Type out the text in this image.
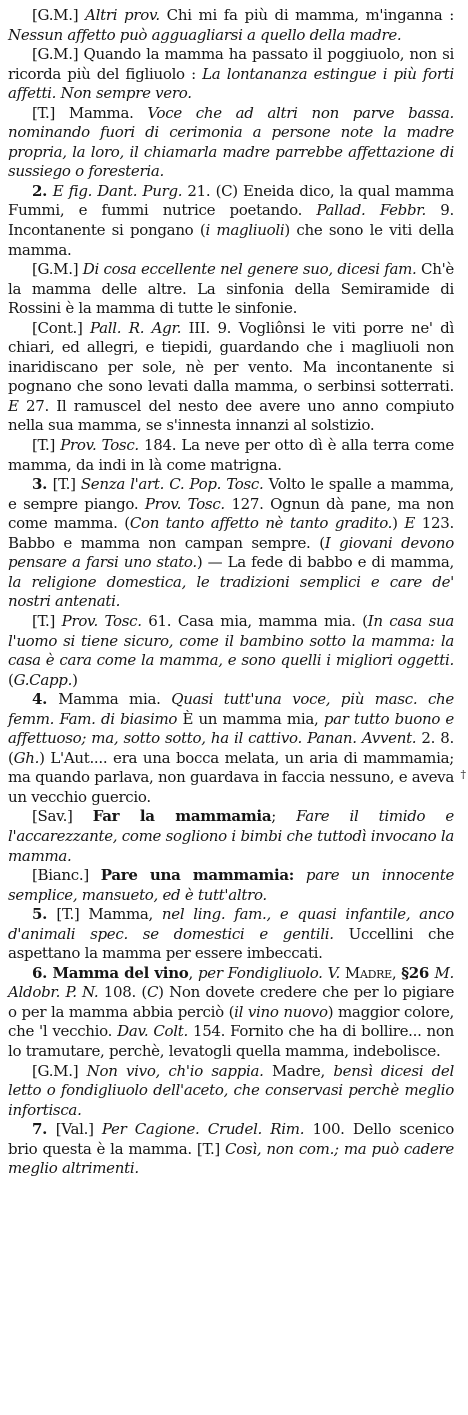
[G.M.] Altri prov. Chi mi fa più di mamma, m'inganna : Nessun affetto può agguagliarsi a quello della madre.

[G.M.] Quando la mamma ha passato il poggiuolo, non si ricorda più del figliuolo : La lontananza estingue i più forti affetti. Non sempre vero.

[T.] Mamma. Voce che ad altri non parve bassa. nominando fuori di cerimonia a persone note la madre propria, la loro, il chiamarla madre parrebbe affettazione di sussiego o foresteria.

2. E fig. Dant. Purg. 21. (C) Eneida dico, la qual mamma Fummi, e fummi nutrice poetando. Pallad. Febbr. 9. Incontanente si pongano (i magliuoli) che sono le viti della mamma.

[G.M.] Di cosa eccellente nel genere suo, dicesi fam. Ch'è la mamma delle altre. La sinfonia della Semiramide di Rossini è la mamma di tutte le sinfonie.

[Cont.] Pall. R. Agr. III. 9. Vogliônsi le viti porre ne' dì chiari, ed allegri, e tiepidi, guardando che i magliuoli non inaridiscano per sole, nè per vento. Ma incontanente si pognano che sono levati dalla mamma, o serbinsi sotterrati. E 27. Il ramuscel del nesto dee avere uno anno compiuto nella sua mamma, se s'innesta innanzi al solstizio.

[T.] Prov. Tosc. 184. La neve per otto dì è alla terra come mamma, da indi in là come matrigna.

3. [T.] Senza l'art. C. Pop. Tosc. Volto le spalle a mamma, e sempre piango. Prov. Tosc. 127. Ognun dà pane, ma non come mamma. (Con tanto affetto nè tanto gradito.) E 123. Babbo e mamma non campan sempre. (I giovani devono pensare a farsi uno stato.) — La fede di babbo e di mamma, la religione domestica, le tradizioni semplici e care de' nostri antenati.

[T.] Prov. Tosc. 61. Casa mia, mamma mia. (In casa sua l'uomo si tiene sicuro, come il bambino sotto la mamma: la casa è cara come la mamma, e sono quelli i migliori oggetti. (G.Capp.)

4. Mamma mia. Quasi tutt'una voce, più masc. che femm. Fam. di biasimo È un mamma mia, par tutto buono e affettuoso; ma, sotto sotto, ha il cattivo. Panan. Avvent. 2. 8. (Gh.) L'Aut.... era una bocca melata, un aria di mammamia; ma quando parlava, non guardava in faccia nessuno, e aveva un vecchio guercio.

[Sav.] Far la mammamia; Fare il timido e l'accarezzante, come sogliono i bimbi che tuttodì invocano la mamma.

[Bianc.] Pare una mammamia: pare un innocente semplice, mansueto, ed è tutt'altro.

5. [T.] Mamma, nel ling. fam., e quasi infantile, anco d'animali spec. se domestici e gentili. Uccellini che aspettano la mamma per essere imbeccati.

6. Mamma del vino, per Fondigliuolo. V. Madre, §26 M. Aldobr. P. N. 108. (C) Non dovete credere che per lo pigiare o per la mamma abbia perciò (il vino nuovo) maggior colore, che 'l vecchio. Dav. Colt. 154. Fornito che ha di bollire... non lo tramutare, perchè, levatogli quella mamma, indebolisce.

[G.M.] Non vivo, ch'io sappia. Madre, bensì dicesi del letto o fondigliuolo dell'aceto, che conservasi perchè meglio infortisca.

7. [Val.] Per Cagione. Crudel. Rim. 100. Dello scenico brio questa è la mamma. [T.] Così, non com.; ma può cadere meglio altrimenti.

†
